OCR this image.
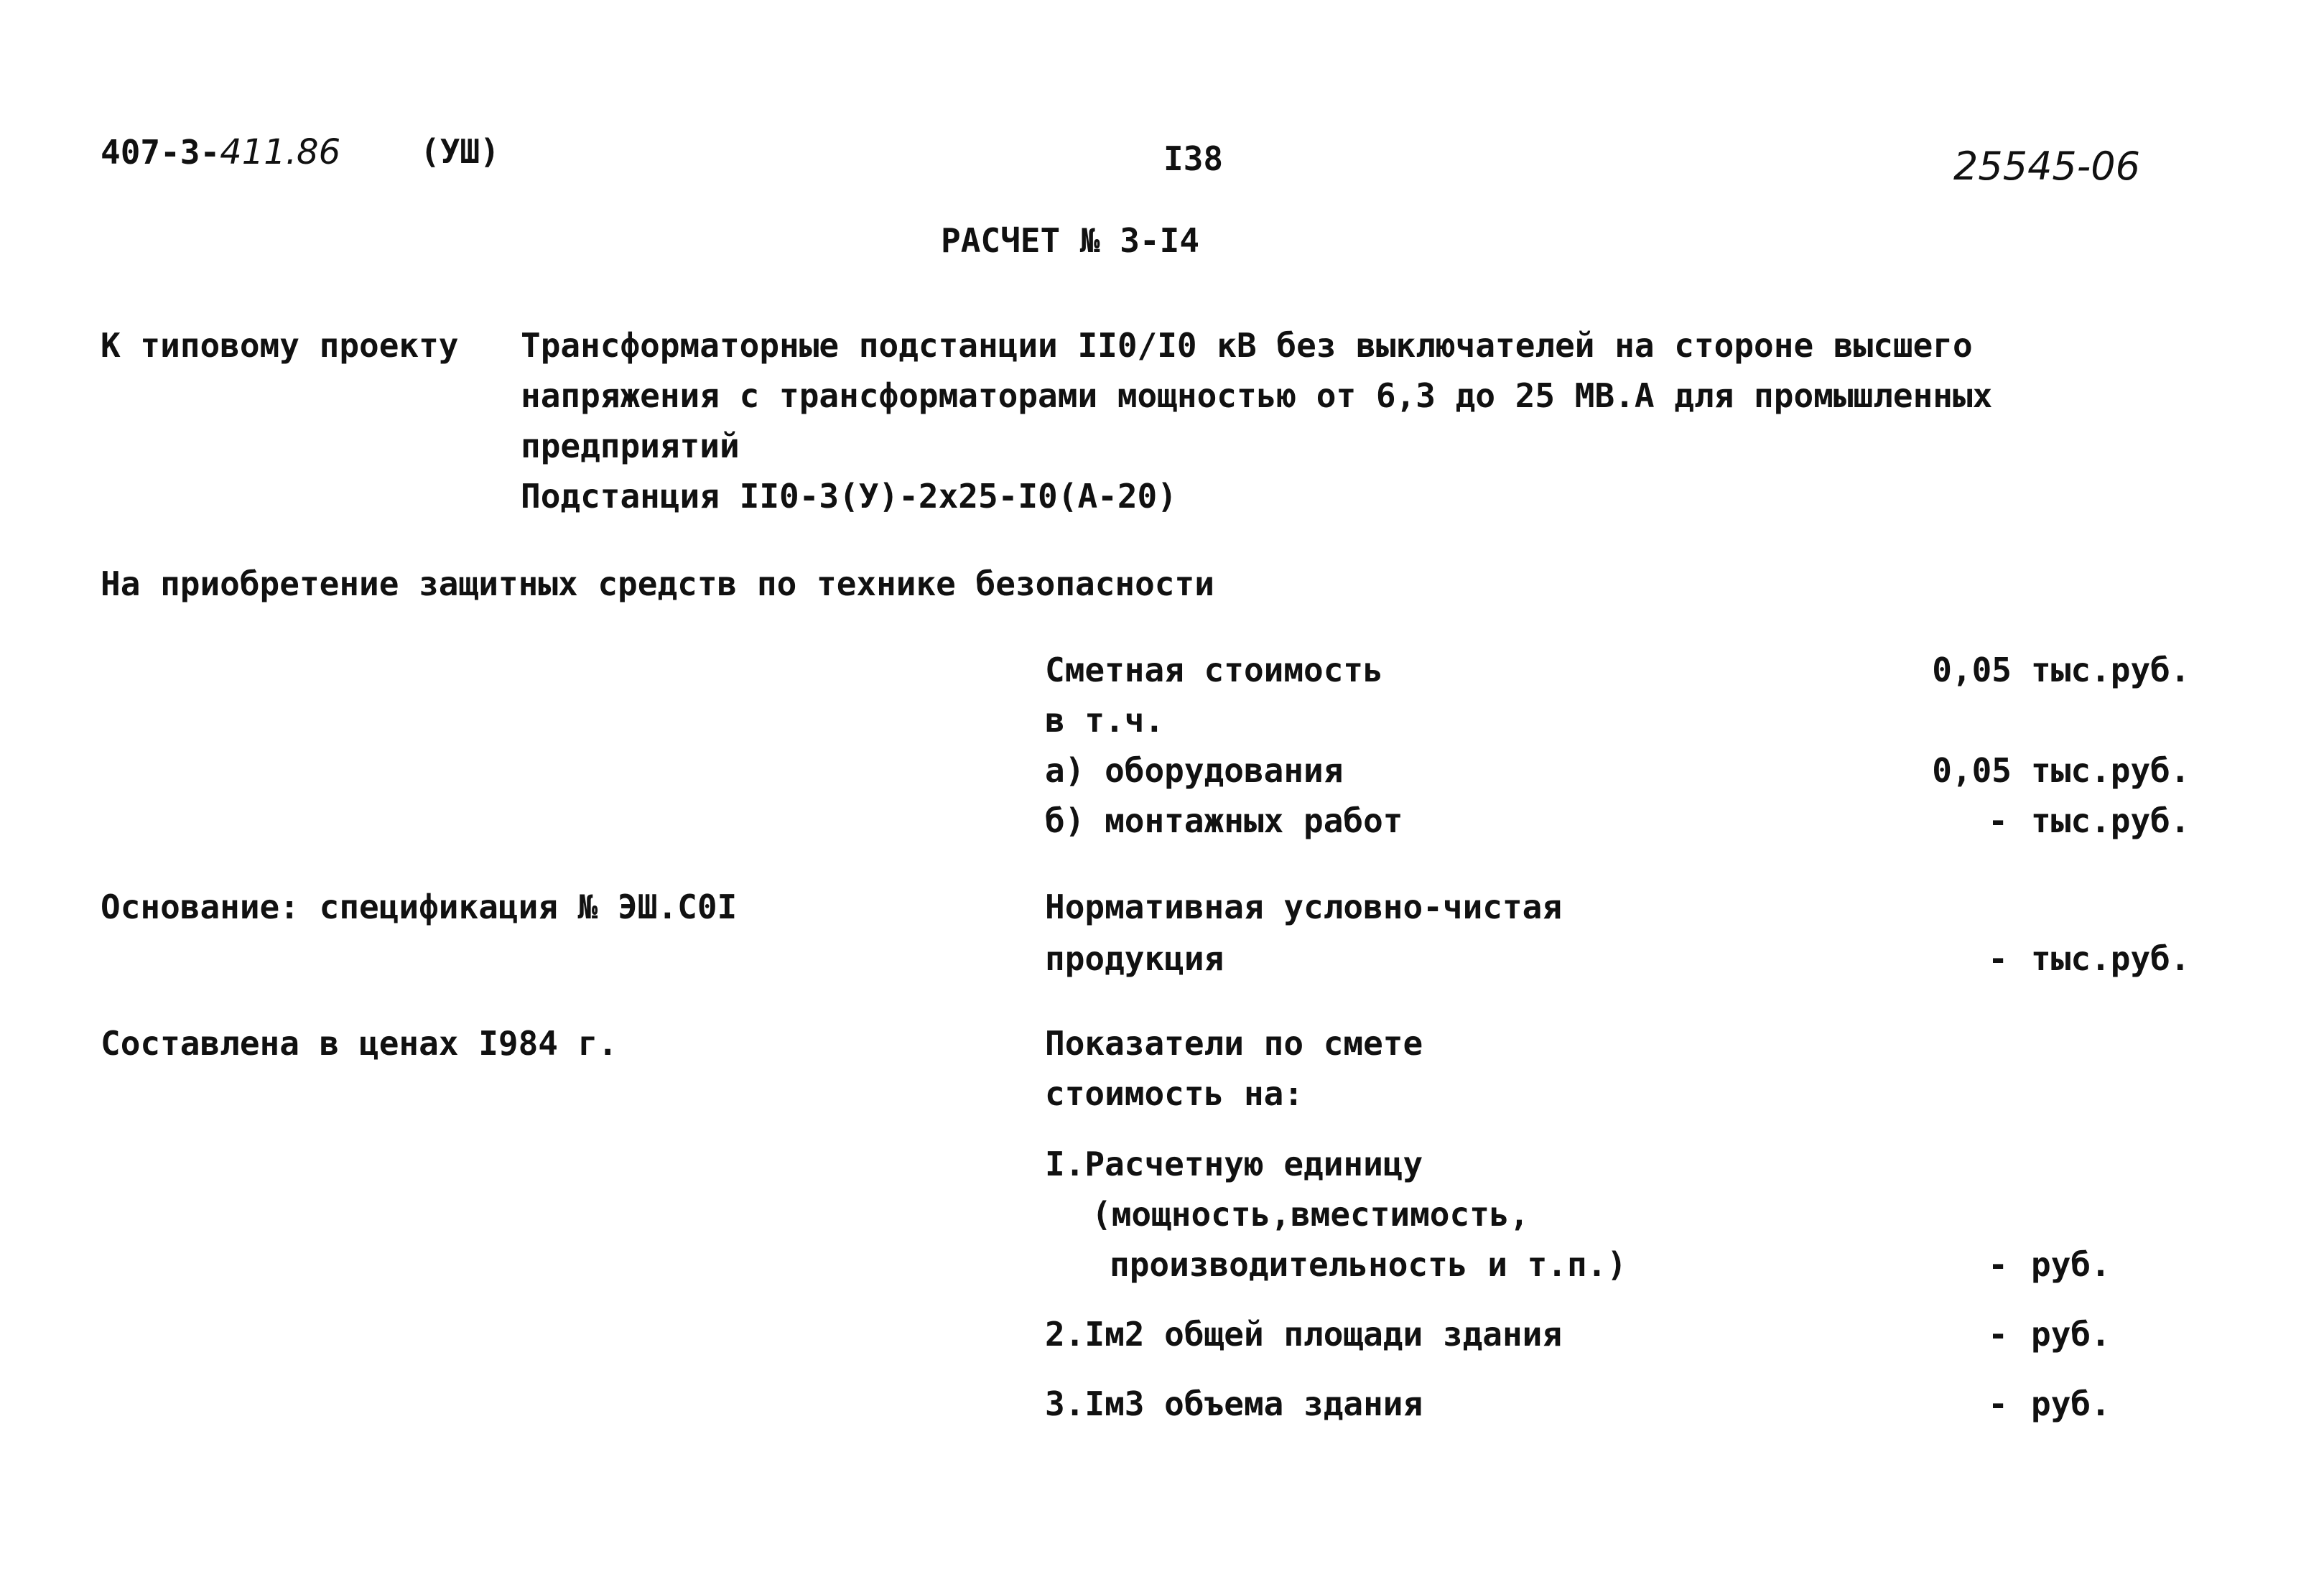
407-3-411.86 (УШ)	I38	25545-06
РАСЧЕТ № 3-I4
К типовому проекту Трансформаторные подстанции II0/I0 кВ без выключателей на стороне высшего
напряжения с трансформаторами мощностью от 6,3 до 25 МВ.А для промышленных
предприятий
Подстанция II0-3(У)-2х25-I0(А-20)
На приобретение защитных средств по технике безопасности
Сметная стоимость	0,05 тыс.руб.
в т.ч.
а) оборудования	0,05 тыс.руб.
б) монтажных работ	- тыс.руб.
Основание: спецификация № ЭШ.С0I	Нормативная условно-чистая
продукция	- тыс.руб.
Составлена в ценах I984 г.	Показатели по смете
стоимость на:
I.Расчетную единицу
(мощность,вместимость,
производительность и т.п.)	- руб.
2.Iм2 общей площади здания	- руб.
3.Iм3 объема здания	- руб.
